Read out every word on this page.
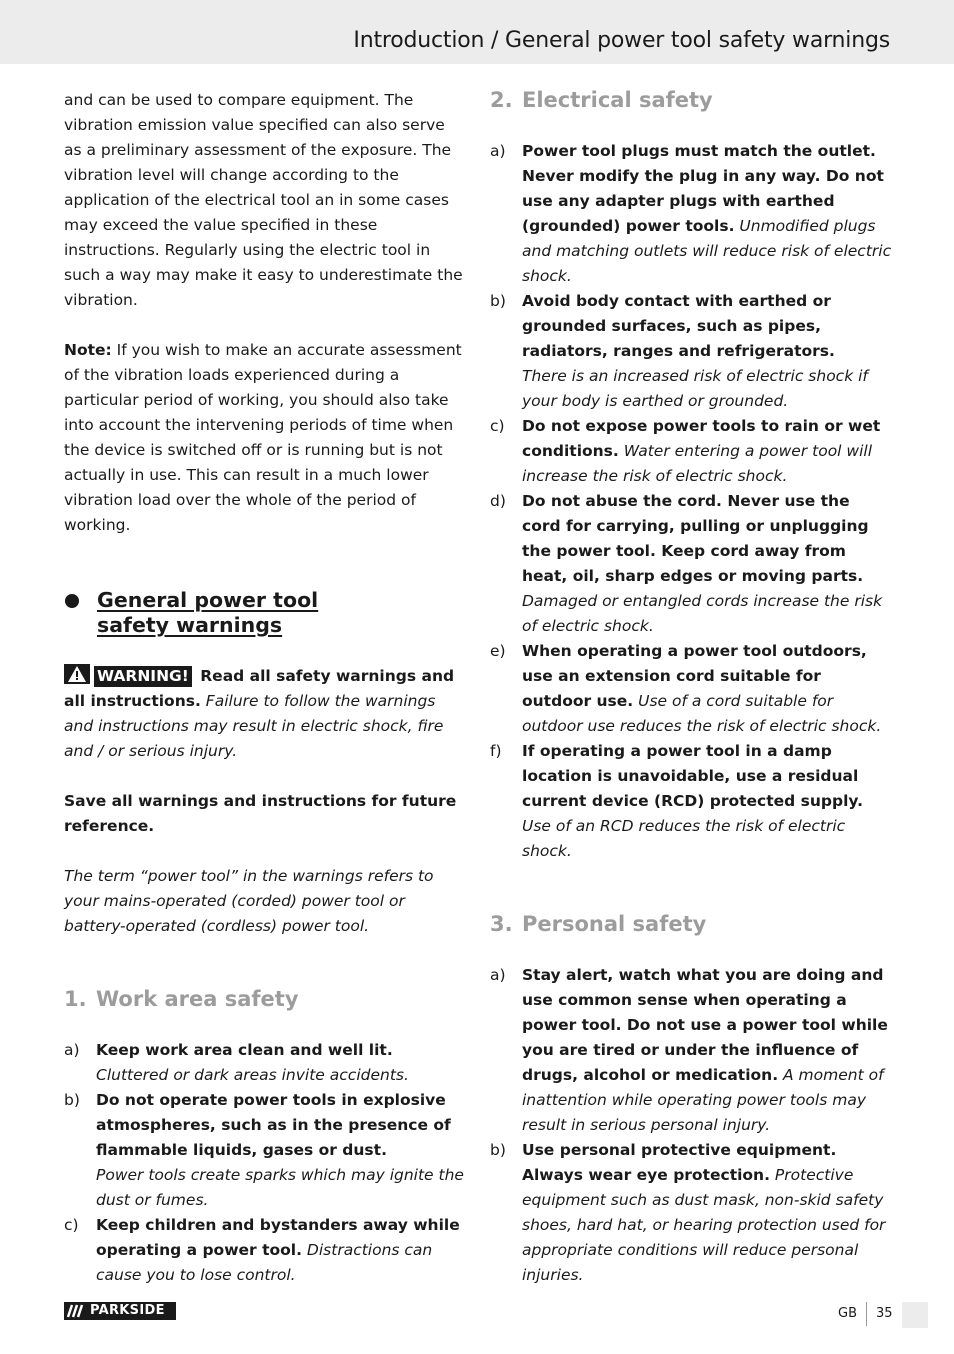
Introduction / General power tool safety warnings

and can be used to compare equipment. The vibration emission value specified can also serve as a preliminary assessment of the exposure. The vibration level will change according to the application of the electrical tool an in some cases may exceed the value specified in these instructions. Regularly using the electric tool in such a way may make it easy to underestimate the vibration.

Note: If you wish to make an accurate assessment of the vibration loads experienced during a particular period of working, you should also take into account the intervening periods of time when the device is switched off or is running but is not actually in use. This can result in a much lower vibration load over the whole of the period of working.

General power tool
safety warnings

WARNING! Read all safety warnings and all instructions. Failure to follow the warnings and instructions may result in electric shock, fire and / or serious injury.

Save all warnings and instructions for future reference.

The term “power tool” in the warnings refers to your mains-operated (corded) power tool or battery-operated (cordless) power tool.

1. Work area safety
a) Keep work area clean and well lit.
Cluttered or dark areas invite accidents.
b) Do not operate power tools in explosive atmospheres, such as in the presence of flammable liquids, gases or dust.
Power tools create sparks which may ignite the dust or fumes.
c) Keep children and bystanders away while operating a power tool. Distractions can cause you to lose control.
2. Electrical safety
a) Power tool plugs must match the outlet. Never modify the plug in any way. Do not use any adapter plugs with earthed (grounded) power tools. Unmodified plugs and matching outlets will reduce risk of electric shock.
b) Avoid body contact with earthed or grounded surfaces, such as pipes, radiators, ranges and refrigerators.
There is an increased risk of electric shock if your body is earthed or grounded.
c) Do not expose power tools to rain or wet conditions. Water entering a power tool will increase the risk of electric shock.
d) Do not abuse the cord. Never use the cord for carrying, pulling or unplugging the power tool. Keep cord away from heat, oil, sharp edges or moving parts.
Damaged or entangled cords increase the risk of electric shock.
e) When operating a power tool outdoors, use an extension cord suitable for outdoor use. Use of a cord suitable for outdoor use reduces the risk of electric shock.
f) If operating a power tool in a damp location is unavoidable, use a residual current device (RCD) protected supply.
Use of an RCD reduces the risk of electric shock.
3. Personal safety
a) Stay alert, watch what you are doing and use common sense when operating a power tool. Do not use a power tool while you are tired or under the influence of drugs, alcohol or medication. A moment of inattention while operating power tools may result in serious personal injury.
b) Use personal protective equipment. Always wear eye protection. Protective equipment such as dust mask, non-skid safety shoes, hard hat, or hearing protection used for appropriate conditions will reduce personal injuries.
PARKSIDE	GB 35
